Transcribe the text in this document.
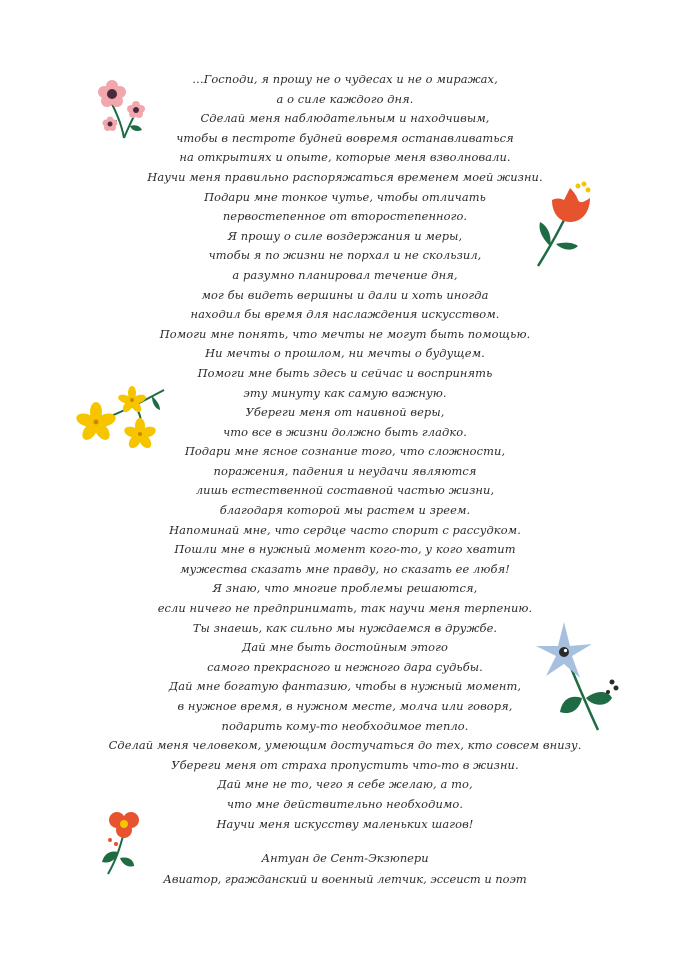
…Господи, я прошу не о чудесах и не о миражах,
а о силе каждого дня.
Сделай меня наблюдательным и находчивым,
чтобы в пестроте будней вовремя останавливаться
на открытиях и опыте, которые меня взволновали.
Научи меня правильно распоряжаться временем моей жизни.
Подари мне тонкое чутье, чтобы отличать
первостепенное от второстепенного.
Я прошу о силе воздержания и меры,
чтобы я по жизни не порхал и не скользил,
а разумно планировал течение дня,
мог бы видеть вершины и дали и хоть иногда
находил бы время для наслаждения искусством.
Помоги мне понять, что мечты не могут быть помощью.
Ни мечты о прошлом, ни мечты о будущем.
Помоги мне быть здесь и сейчас и воспринять
эту минуту как самую важную.
Убереги меня от наивной веры,
что все в жизни должно быть гладко.
Подари мне ясное сознание того, что сложности,
поражения, падения и неудачи являются
лишь естественной составной частью жизни,
благодаря которой мы растем и зреем.
Напоминай мне, что сердце часто спорит с рассудком.
Пошли мне в нужный момент кого-то, у кого хватит
мужества сказать мне правду, но сказать ее любя!
Я знаю, что многие проблемы решаются,
если ничего не предпринимать, так научи меня терпению.
Ты знаешь, как сильно мы нуждаемся в дружбе.
Дай мне быть достойным этого
самого прекрасного и нежного дара судьбы.
Дай мне богатую фантазию, чтобы в нужный момент,
в нужное время, в нужном месте, молча или говоря,
подарить кому-то необходимое тепло.
Сделай меня человеком, умеющим достучаться до тех, кто совсем внизу.
Убереги меня от страха пропустить что-то в жизни.
Дай мне не то, чего я себе желаю, а то,
что мне действительно необходимо.
Научи меня искусству маленьких шагов!
Антуан де Сент-Экзюпери
Авиатор, гражданский и военный летчик, эссеист и поэт
